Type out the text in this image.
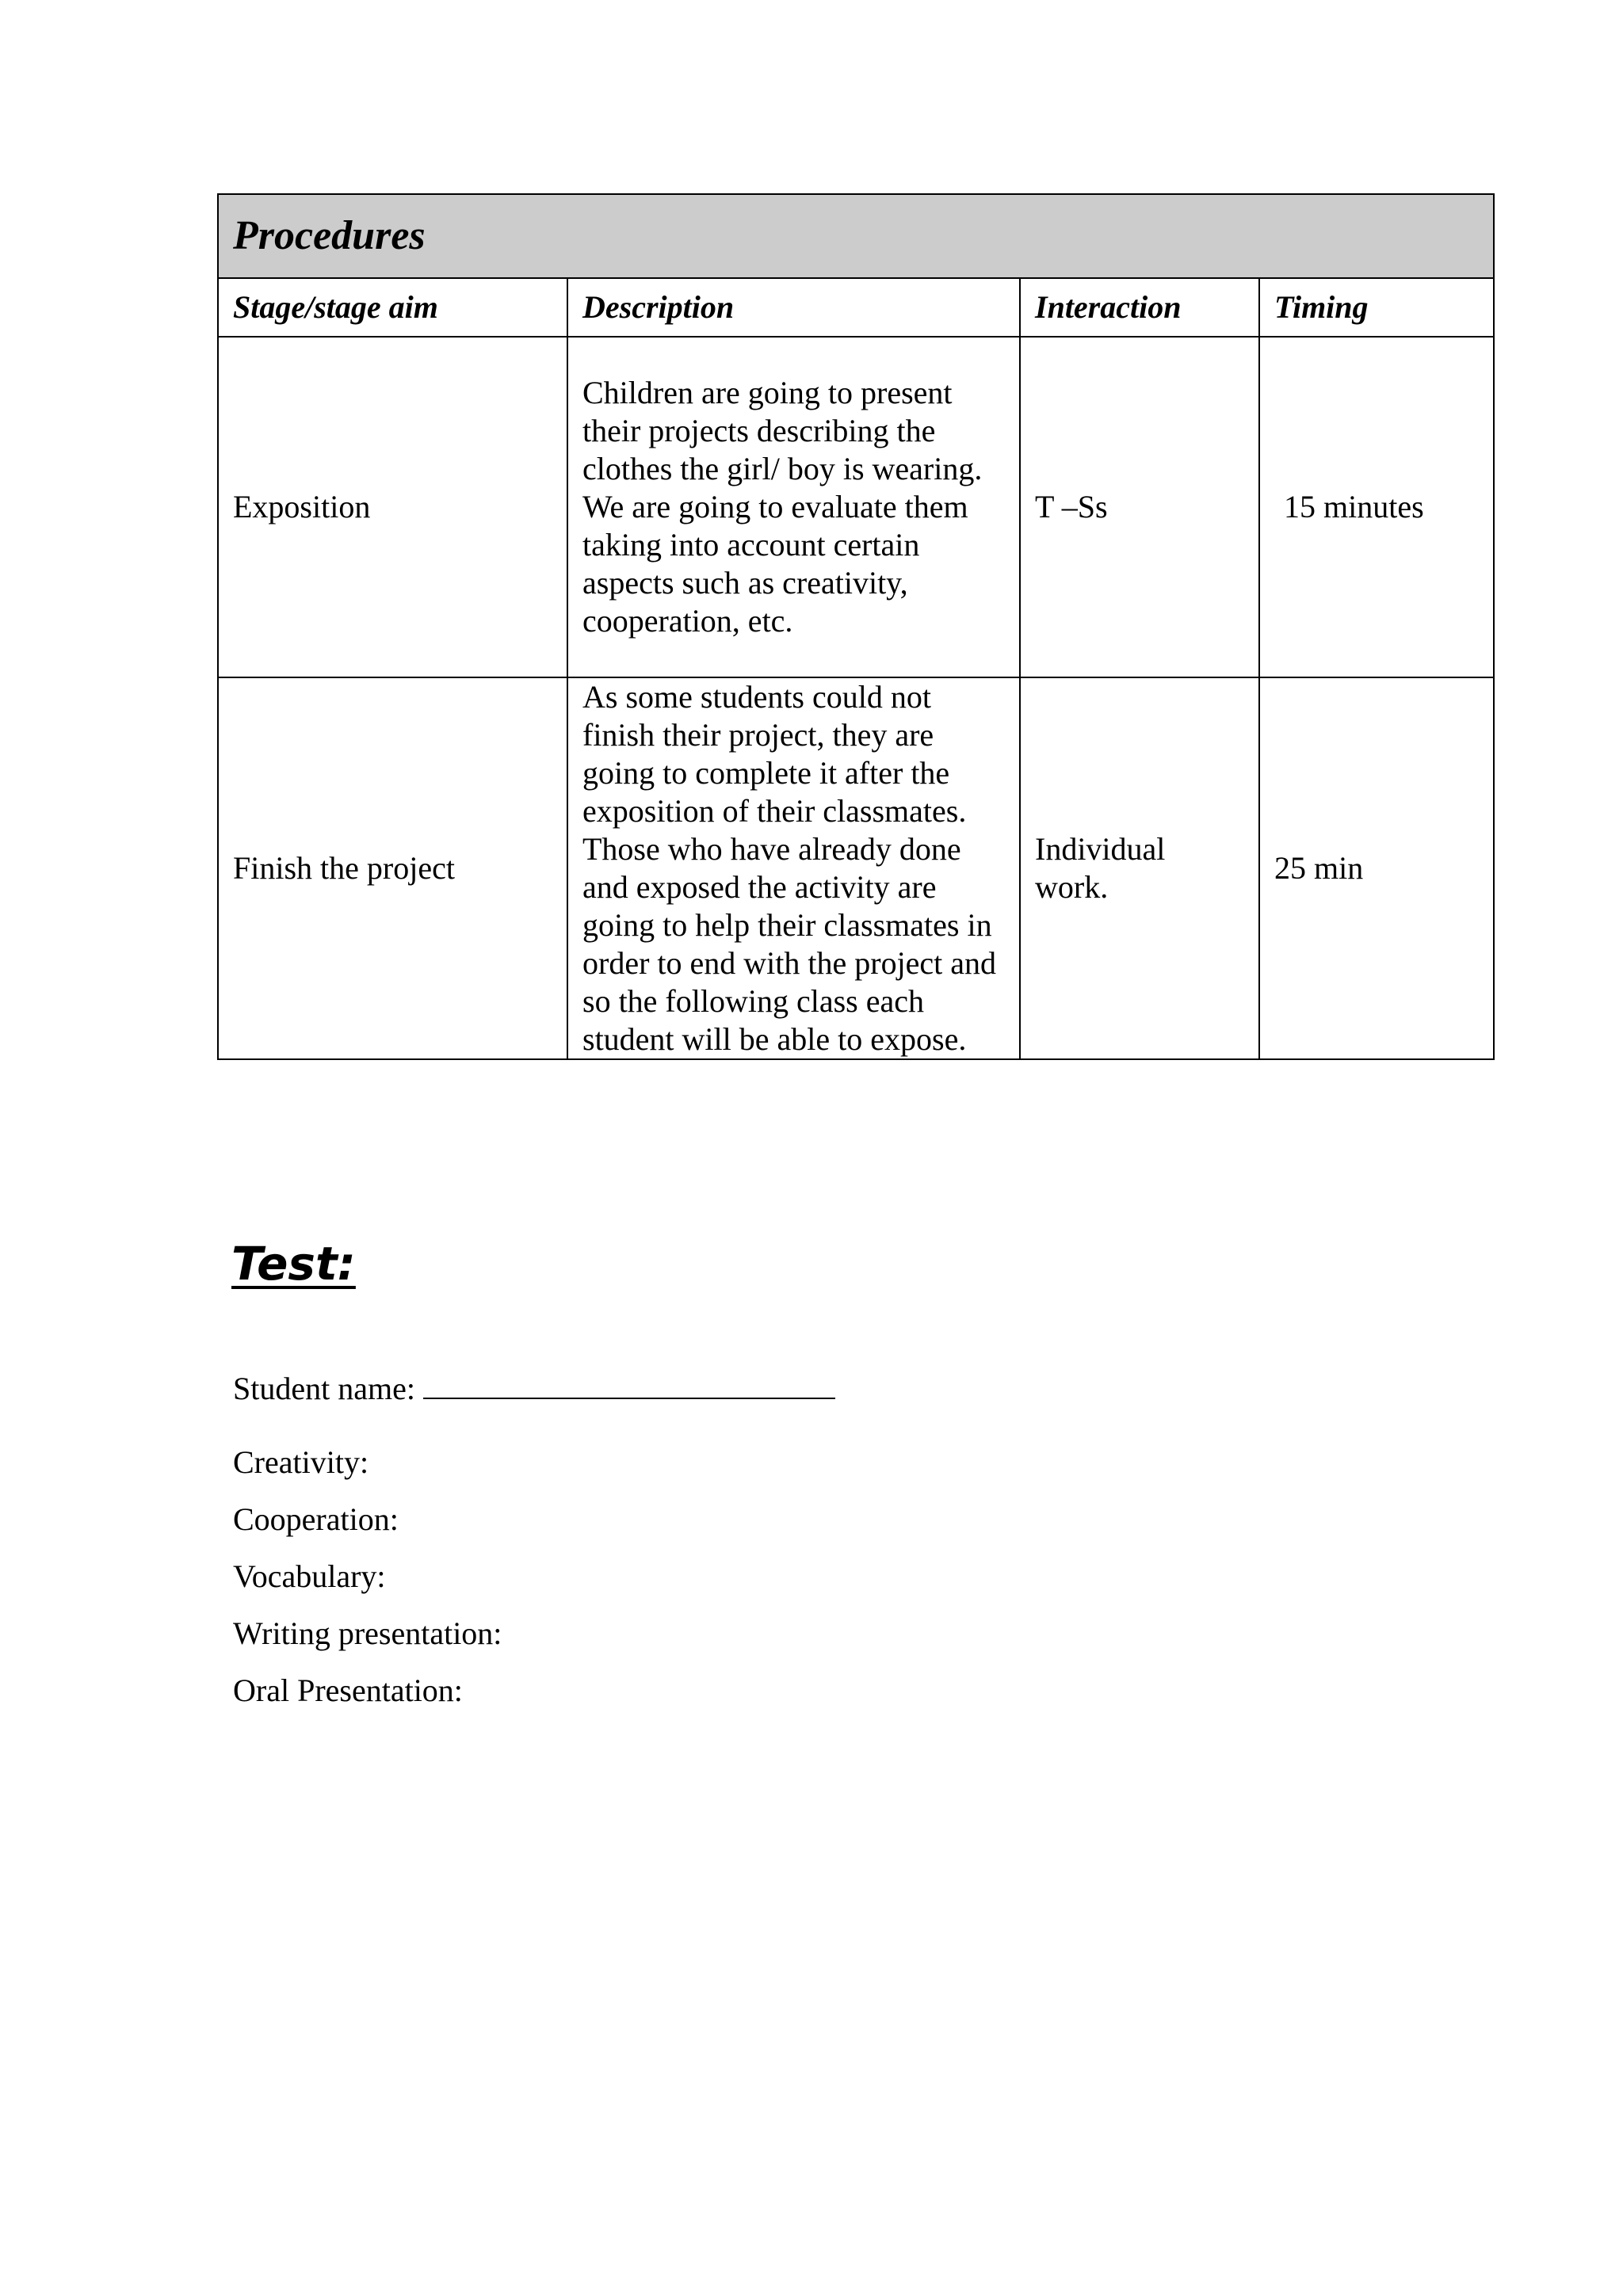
Procedures			
Stage/stage aim	Description	Interaction	Timing
Exposition	Children are going to present their projects describing the clothes the girl/ boy is wearing. We are going to evaluate them taking into account certain aspects such as creativity, cooperation, etc.	T –Ss	15 minutes
Finish the project	As some students could not finish their project, they are going to complete it after the exposition of their classmates. Those who have already done and exposed the activity are going to help their classmates in order to end with the project and so the following class each student will be able to expose.	Individual work.	25 min
Test:
Student name:
Creativity:
Cooperation:
Vocabulary:
Writing presentation:
Oral Presentation:
